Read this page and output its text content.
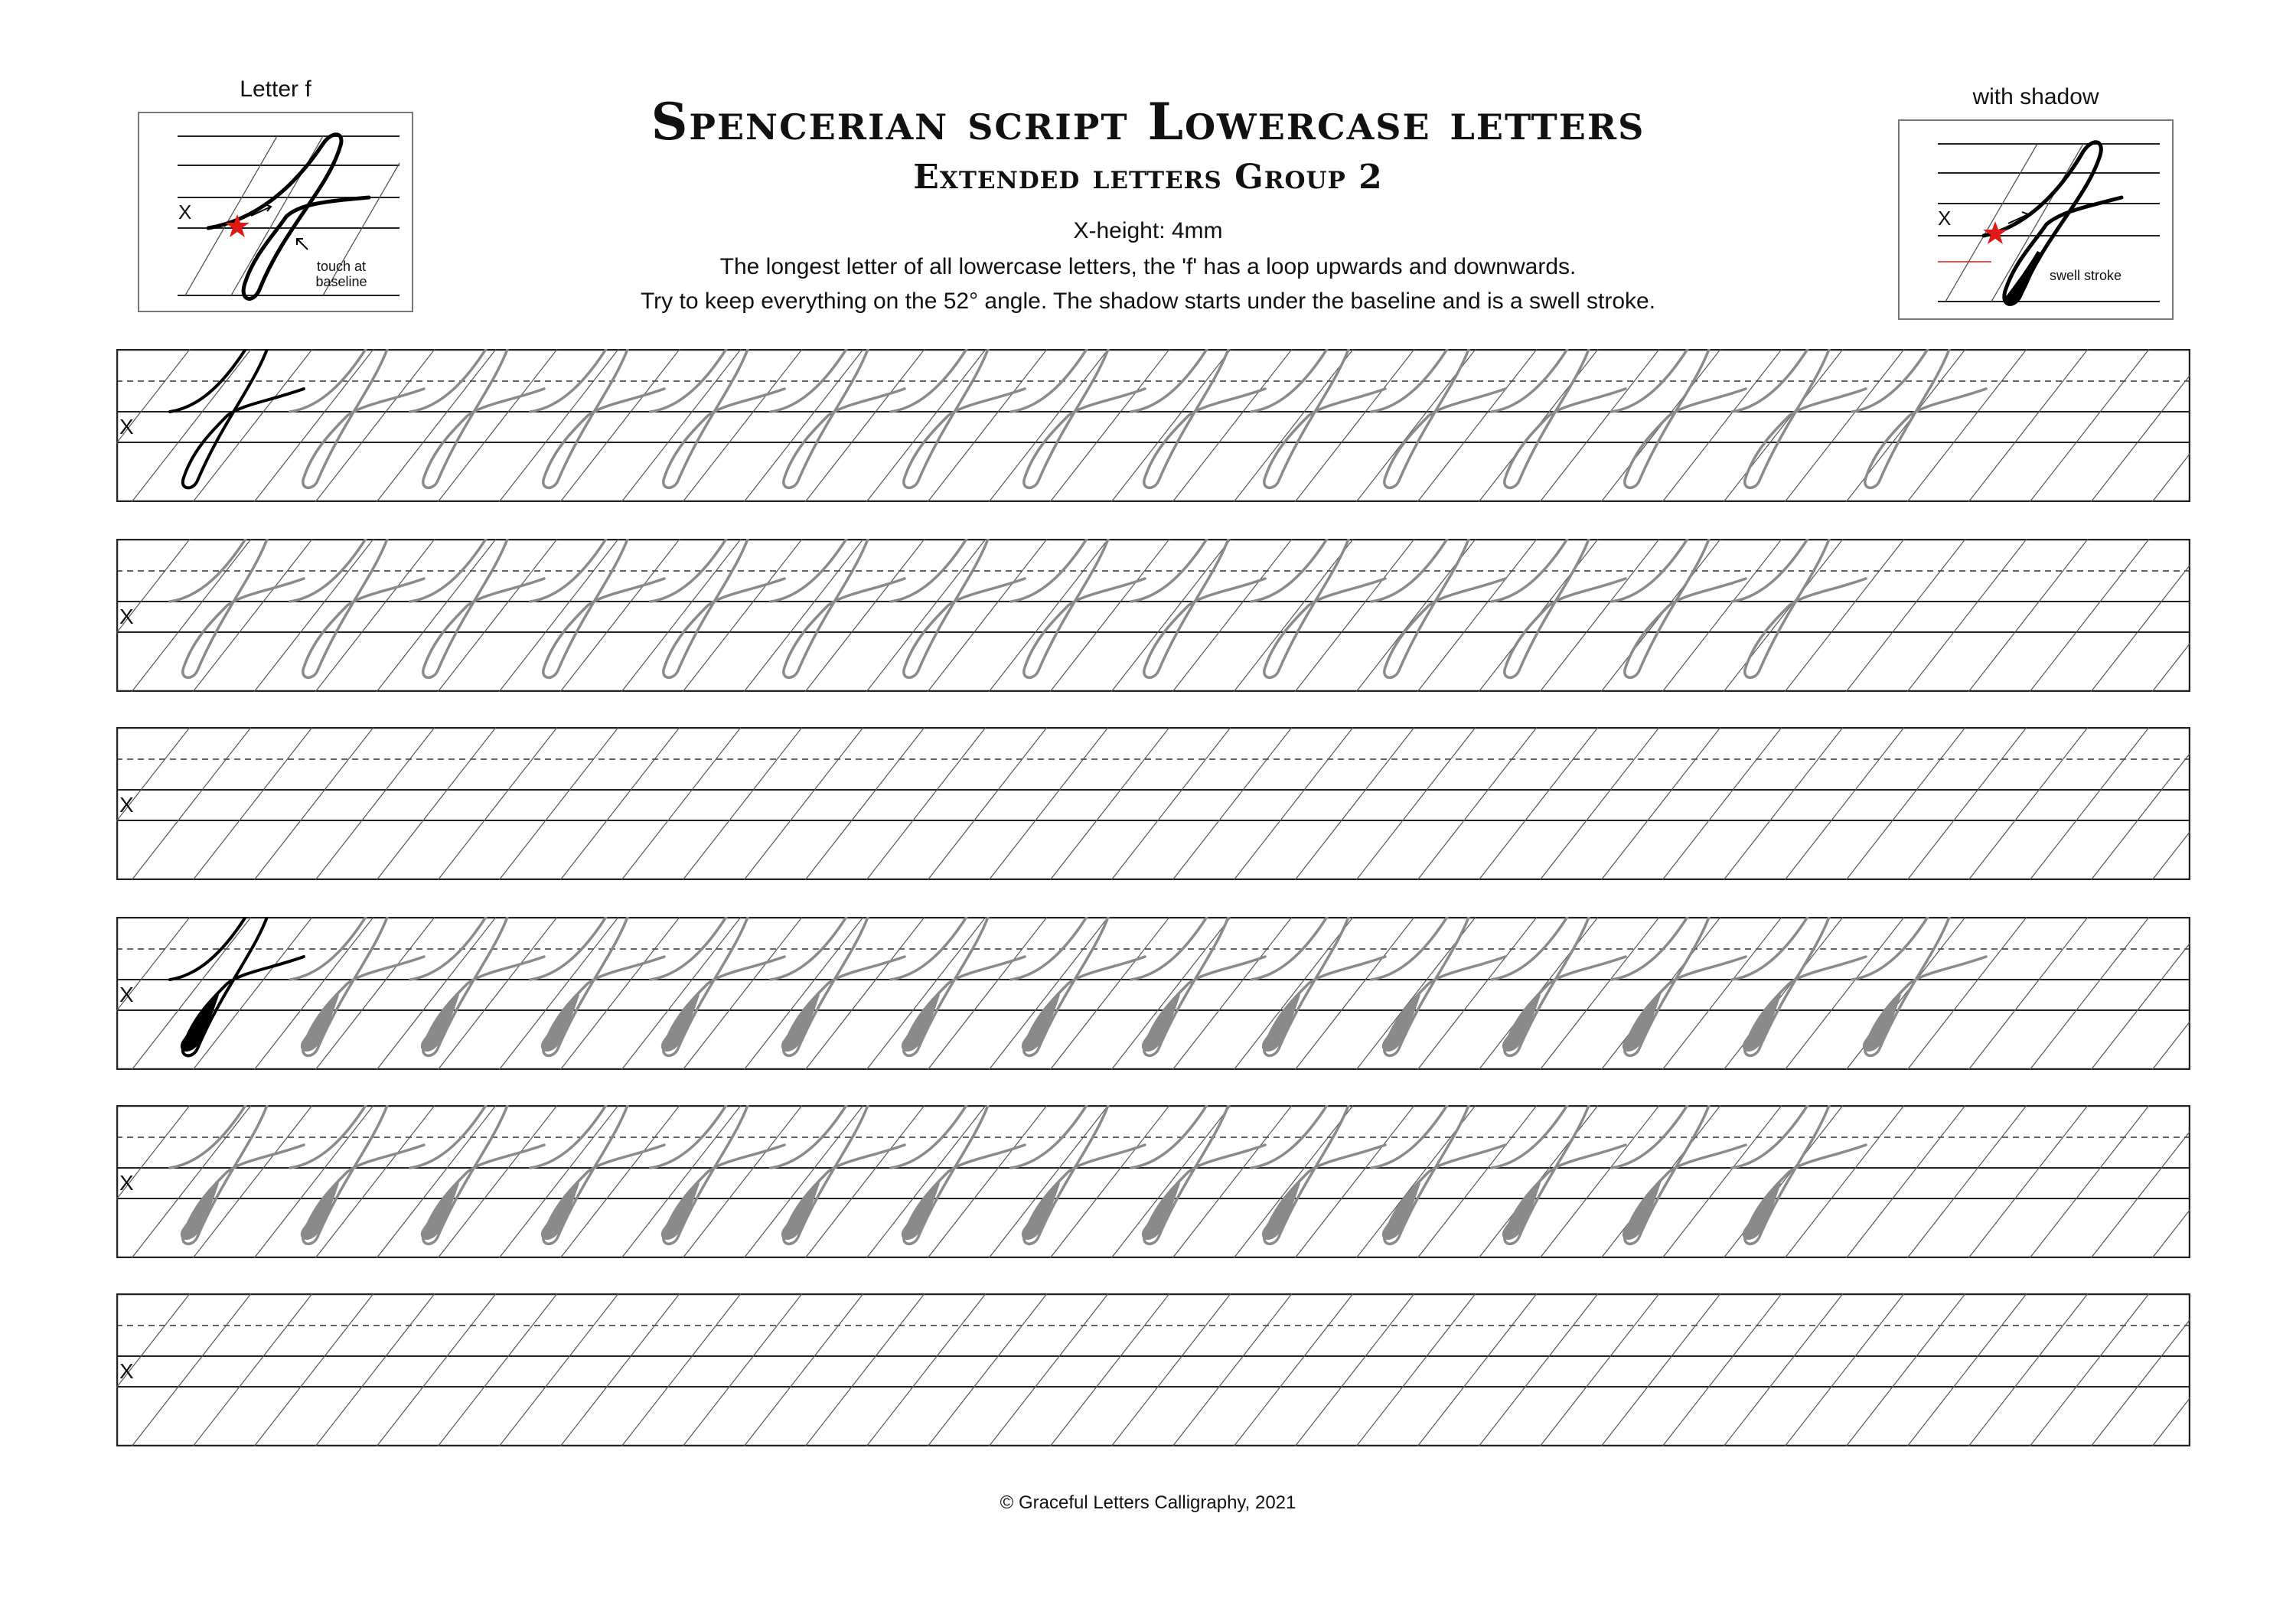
Spencerian script Lowercase letters
Extended letters Group 2
X-height: 4mm
The longest letter of all lowercase letters, the 'f' has a loop upwards and downwards.
Try to keep everything on the 52° angle. The shadow starts under the baseline and is a swell stroke.
Letter f
X
touch at baseline
with shadow
X
swell stroke
X
X
X
X
X
X
© Graceful Letters Calligraphy, 2021
